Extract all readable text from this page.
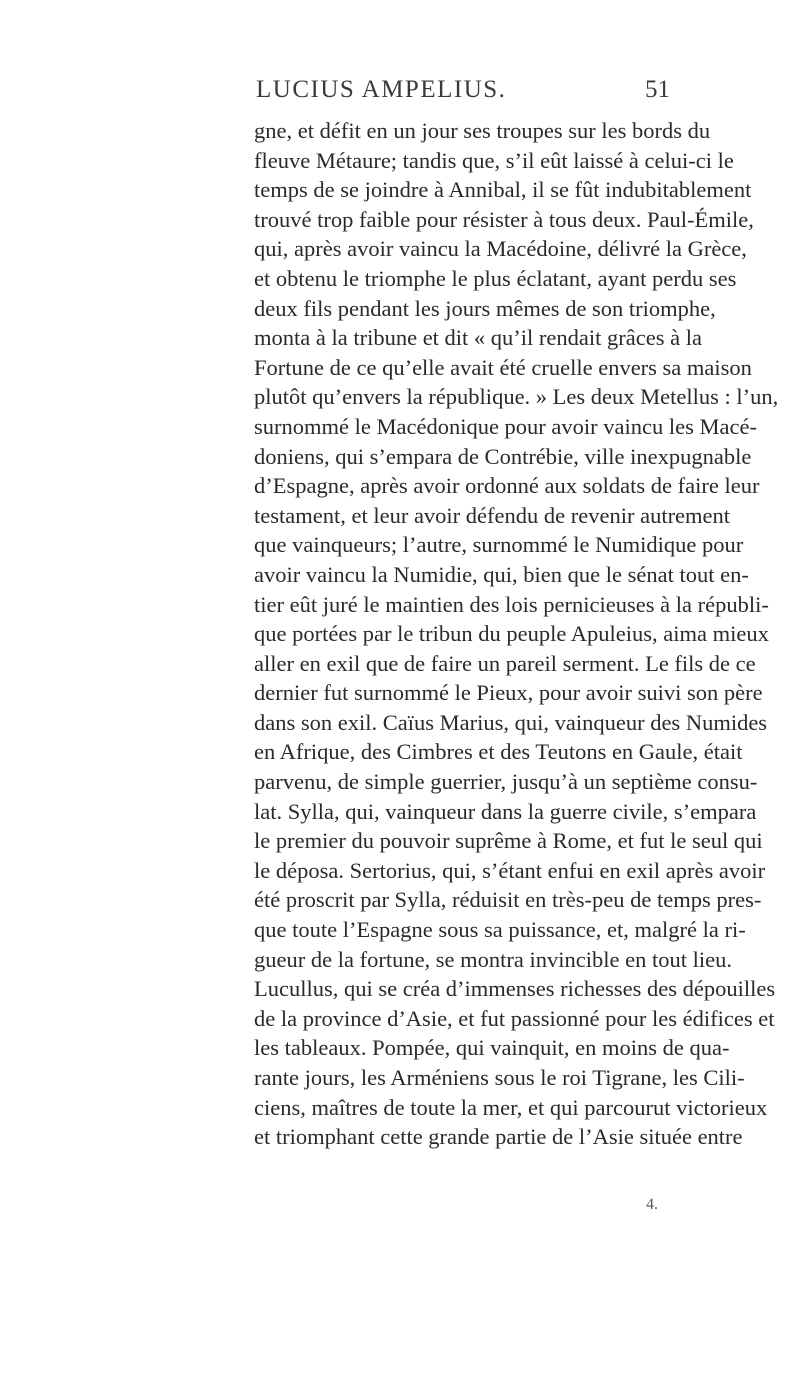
LUCIUS AMPELIUS.	51
gne, et défit en un jour ses troupes sur les bords du
fleuve Métaure; tandis que, s’il eût laissé à celui-ci le
temps de se joindre à Annibal, il se fût indubitablement
trouvé trop faible pour résister à tous deux. Paul-Émile,
qui, après avoir vaincu la Macédoine, délivré la Grèce,
et obtenu le triomphe le plus éclatant, ayant perdu ses
deux fils pendant les jours mêmes de son triomphe,
monta à la tribune et dit « qu’il rendait grâces à la
Fortune de ce qu’elle avait été cruelle envers sa maison
plutôt qu’envers la république. » Les deux Metellus : l’un,
surnommé le Macédonique pour avoir vaincu les Macé-
doniens, qui s’empara de Contrébie, ville inexpugnable
d’Espagne, après avoir ordonné aux soldats de faire leur
testament, et leur avoir défendu de revenir autrement
que vainqueurs; l’autre, surnommé le Numidique pour
avoir vaincu la Numidie, qui, bien que le sénat tout en-
tier eût juré le maintien des lois pernicieuses à la républi-
que portées par le tribun du peuple Apuleius, aima mieux
aller en exil que de faire un pareil serment. Le fils de ce
dernier fut surnommé le Pieux, pour avoir suivi son père
dans son exil. Caïus Marius, qui, vainqueur des Numides
en Afrique, des Cimbres et des Teutons en Gaule, était
parvenu, de simple guerrier, jusqu’à un septième consu-
lat. Sylla, qui, vainqueur dans la guerre civile, s’empara
le premier du pouvoir suprême à Rome, et fut le seul qui
le déposa. Sertorius, qui, s’étant enfui en exil après avoir
été proscrit par Sylla, réduisit en très-peu de temps pres-
que toute l’Espagne sous sa puissance, et, malgré la ri-
gueur de la fortune, se montra invincible en tout lieu.
Lucullus, qui se créa d’immenses richesses des dépouilles
de la province d’Asie, et fut passionné pour les édifices et
les tableaux. Pompée, qui vainquit, en moins de qua-
rante jours, les Arméniens sous le roi Tigrane, les Cili-
ciens, maîtres de toute la mer, et qui parcourut victorieux
et triomphant cette grande partie de l’Asie située entre
4.
